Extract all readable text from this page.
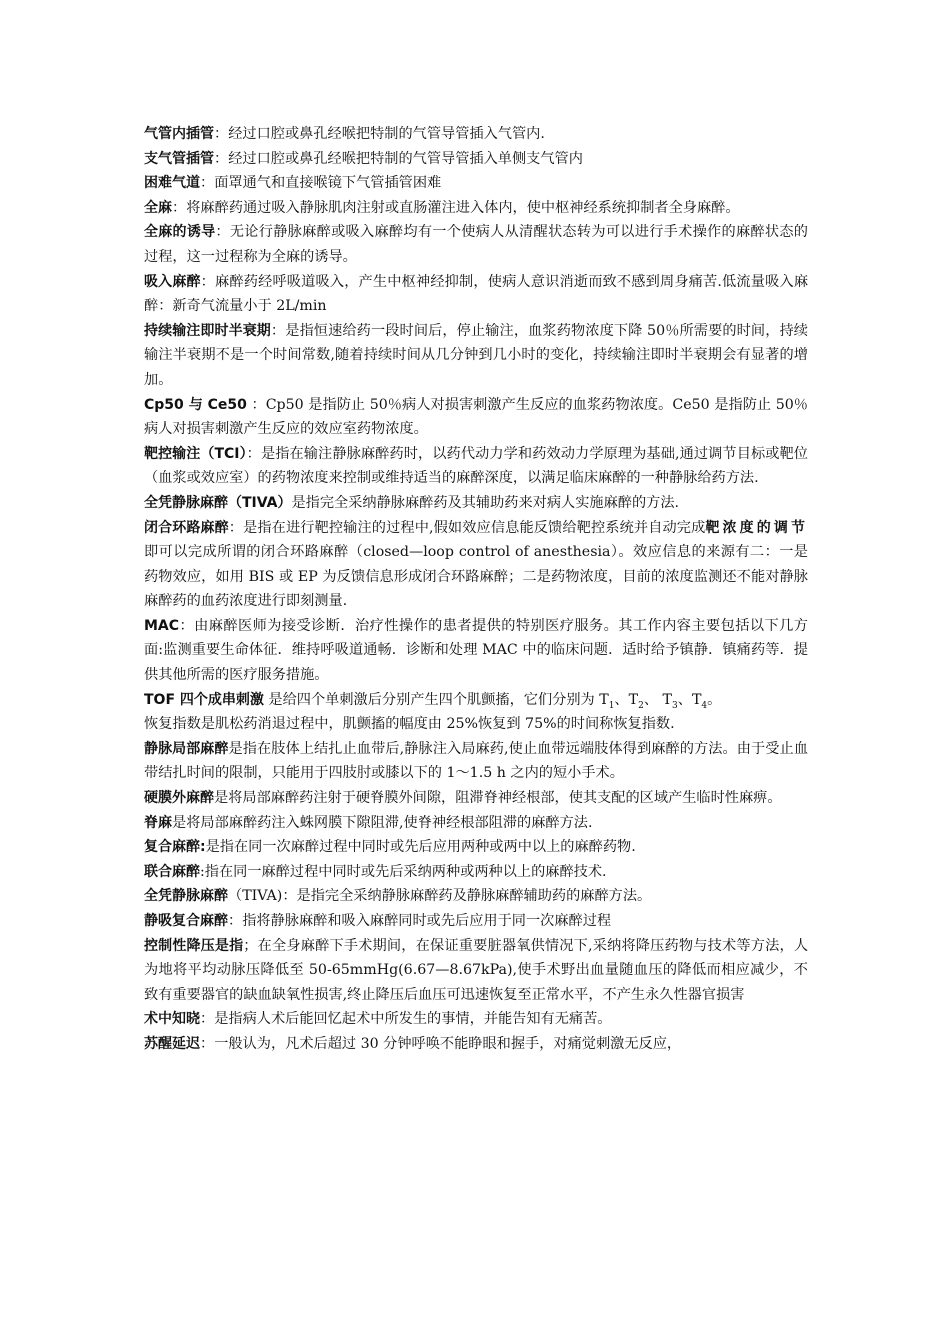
气管内插管：经过口腔或鼻孔经喉把特制的气管导管插入气管内.

支气管插管：经过口腔或鼻孔经喉把特制的气管导管插入单侧支气管内

困难气道：面罩通气和直接喉镜下气管插管困难

全麻：将麻醉药通过吸入静脉肌肉注射或直肠灌注进入体内，使中枢神经系统抑制者全身麻醉。

全麻的诱导：无论行静脉麻醉或吸入麻醉均有一个使病人从清醒状态转为可以进行手术操作的麻醉状态的过程，这一过程称为全麻的诱导。

吸入麻醉：麻醉药经呼吸道吸入，产生中枢神经抑制，使病人意识消逝而致不感到周身痛苦.低流量吸入麻醉：新奇气流量小于 2L/min

持续输注即时半衰期：是指恒速给药一段时间后，停止输注，血浆药物浓度下降 50％所需要的时间，持续输注半衰期不是一个时间常数,随着持续时间从几分钟到几小时的变化，持续输注即时半衰期会有显著的增加。

Cp50 与 Ce50 ：Cp50 是指防止 50％病人对损害刺激产生反应的血浆药物浓度。Ce50 是指防止 50％病人对损害刺激产生反应的效应室药物浓度。

靶控输注（TCI）：是指在输注静脉麻醉药时，以药代动力学和药效动力学原理为基础,通过调节目标或靶位（血浆或效应室）的药物浓度来控制或维持适当的麻醉深度，以满足临床麻醉的一种静脉给药方法.

全凭静脉麻醉（TIVA）是指完全采纳静脉麻醉药及其辅助药来对病人实施麻醉的方法.

闭合环路麻醉：是指在进行靶控输注的过程中,假如效应信息能反馈给靶控系统并自动完成靶浓度的调节即可以完成所谓的闭合环路麻醉（closed—loop control of anesthesia）。效应信息的来源有二：一是药物效应，如用 BIS 或 EP 为反馈信息形成闭合环路麻醉；二是药物浓度，目前的浓度监测还不能对静脉麻醉药的血药浓度进行即刻测量.

MAC：由麻醉医师为接受诊断．治疗性操作的患者提供的特别医疗服务。其工作内容主要包括以下几方面:监测重要生命体征．维持呼吸道通畅．诊断和处理 MAC 中的临床问题．适时给予镇静．镇痛药等．提供其他所需的医疗服务措施。

TOF 四个成串刺激 是给四个单刺激后分别产生四个肌颤搐，它们分别为 $T_1$、$T_2$、 $T_3$、$T_4$。

恢复指数是肌松药消退过程中，肌颤搐的幅度由 25%恢复到 75%的时间称恢复指数.

静脉局部麻醉是指在肢体上结扎止血带后,静脉注入局麻药,使止血带远端肢体得到麻醉的方法。由于受止血带结扎时间的限制，只能用于四肢肘或膝以下的 1～1.5 h 之内的短小手术。

硬膜外麻醉是将局部麻醉药注射于硬脊膜外间隙，阻滞脊神经根部，使其支配的区域产生临时性麻痹。

脊麻是将局部麻醉药注入蛛网膜下隙阻滞,使脊神经根部阻滞的麻醉方法.

复合麻醉:是指在同一次麻醉过程中同时或先后应用两种或两中以上的麻醉药物.

联合麻醉:指在同一麻醉过程中同时或先后采纳两种或两种以上的麻醉技术.

全凭静脉麻醉（TIVA)：是指完全采纳静脉麻醉药及静脉麻醉辅助药的麻醉方法。

静吸复合麻醉：指将静脉麻醉和吸入麻醉同时或先后应用于同一次麻醉过程

控制性降压是指；在全身麻醉下手术期间，在保证重要脏器氧供情况下,采纳将降压药物与技术等方法，人为地将平均动脉压降低至 50-65mmHg(6.67—8.67kPa),使手术野出血量随血压的降低而相应减少，不致有重要器官的缺血缺氧性损害,终止降压后血压可迅速恢复至正常水平，不产生永久性器官损害

术中知晓：是指病人术后能回忆起术中所发生的事情，并能告知有无痛苦。

苏醒延迟：一般认为，凡术后超过 30 分钟呼唤不能睁眼和握手，对痛觉刺激无反应，
